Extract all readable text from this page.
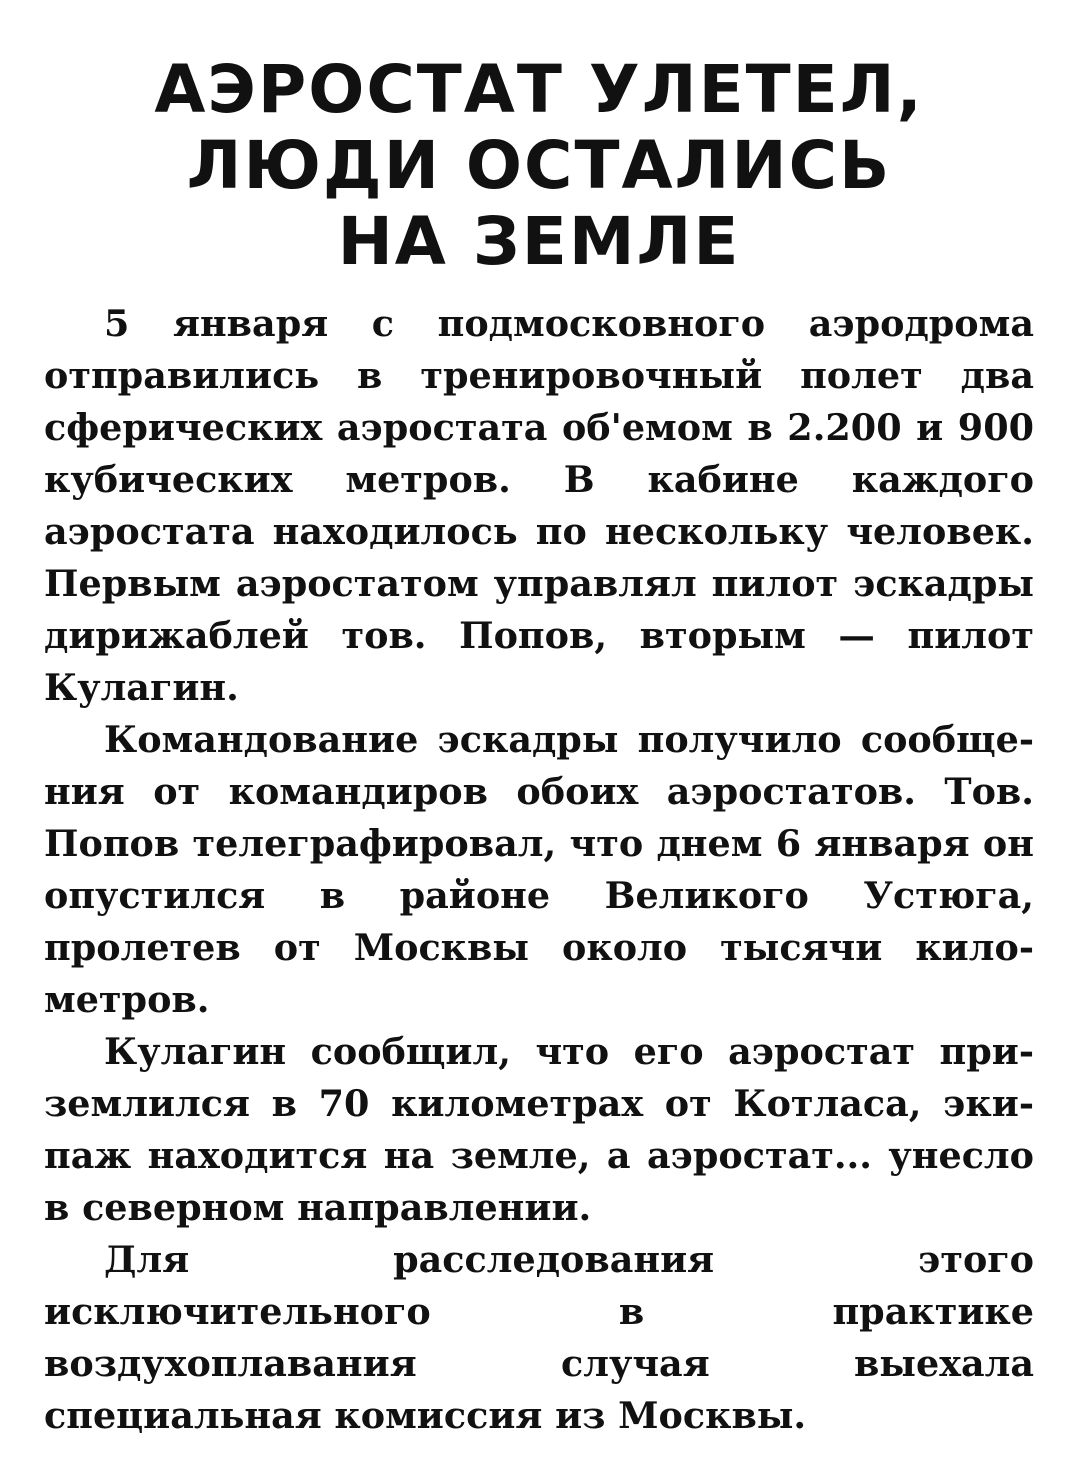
АЭРОСТАТ УЛЕТЕЛ,
ЛЮДИ ОСТАЛИСЬ
НА ЗЕМЛЕ

5 января с подмосковного аэродрома отправились в тренировочный полет два сферических аэростата об'емом в 2.200 и 900 кубических метров. В кабине каждого аэростата находилось по нескольку человек. Первым аэростатом управлял пилот эскадры дирижаблей тов. Попов, вторым — пилот Кулагин.

Командование эскадры получило сообщения от командиров обоих аэростатов. Тов. Попов телеграфировал, что днем 6 января он опустился в районе Великого Устюга, пролетев от Москвы около тысячи километров.

Кулагин сообщил, что его аэростат приземлился в 70 километрах от Котласа, экипаж находится на земле, а аэростат... унесло в северном направлении.

Для расследования этого исключительного в практике воздухоплавания случая выехала специальная комиссия из Москвы.
